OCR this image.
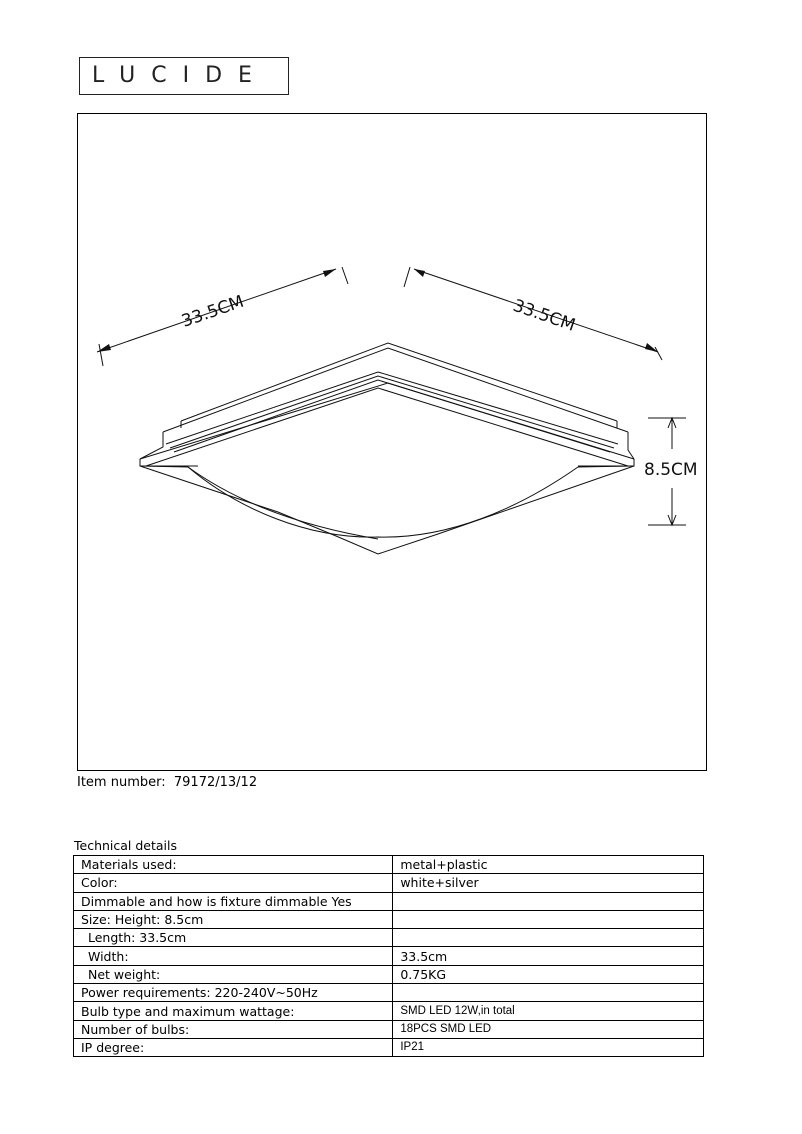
LUCIDE
33.5CM	33.5CM
8.5CM
Item number: 79172/13/12
Technical details
Materials used:	metal+plastic
Color:	white+silver
Dimmable and how is fixture dimmable Yes	
Size: Height: 8.5cm	
Length: 33.5cm	
Width:	33.5cm
Net weight:	0.75KG
Power requirements: 220-240V~50Hz	
Bulb type and maximum wattage:	SMD LED 12W,in total
Number of bulbs:	18PCS SMD LED
IP degree:	IP21
